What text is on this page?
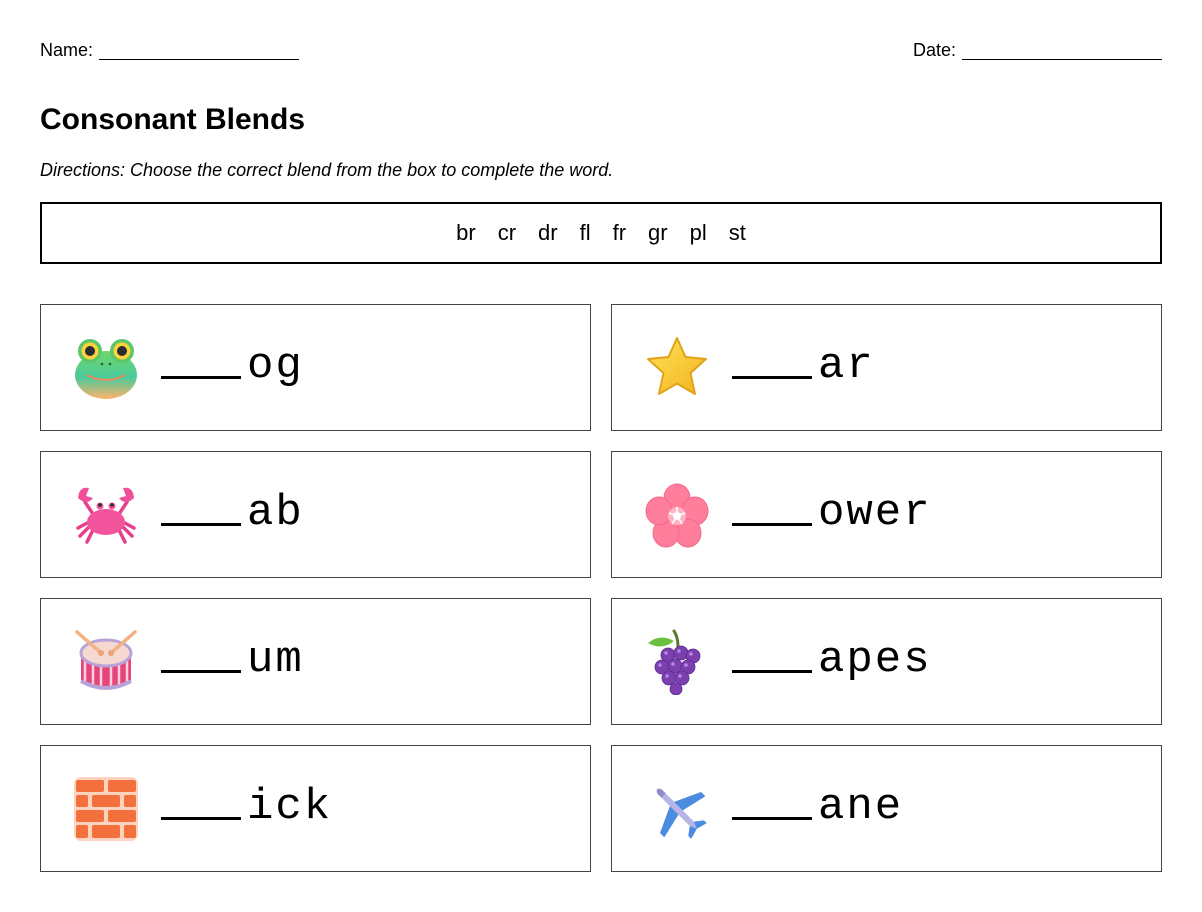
Name:	Date:
Consonant Blends

Directions: Choose the correct blend from the box to complete the word.

br cr dr fl fr gr pl st
og	ar
ab	ower
um	apes
ick	ane
